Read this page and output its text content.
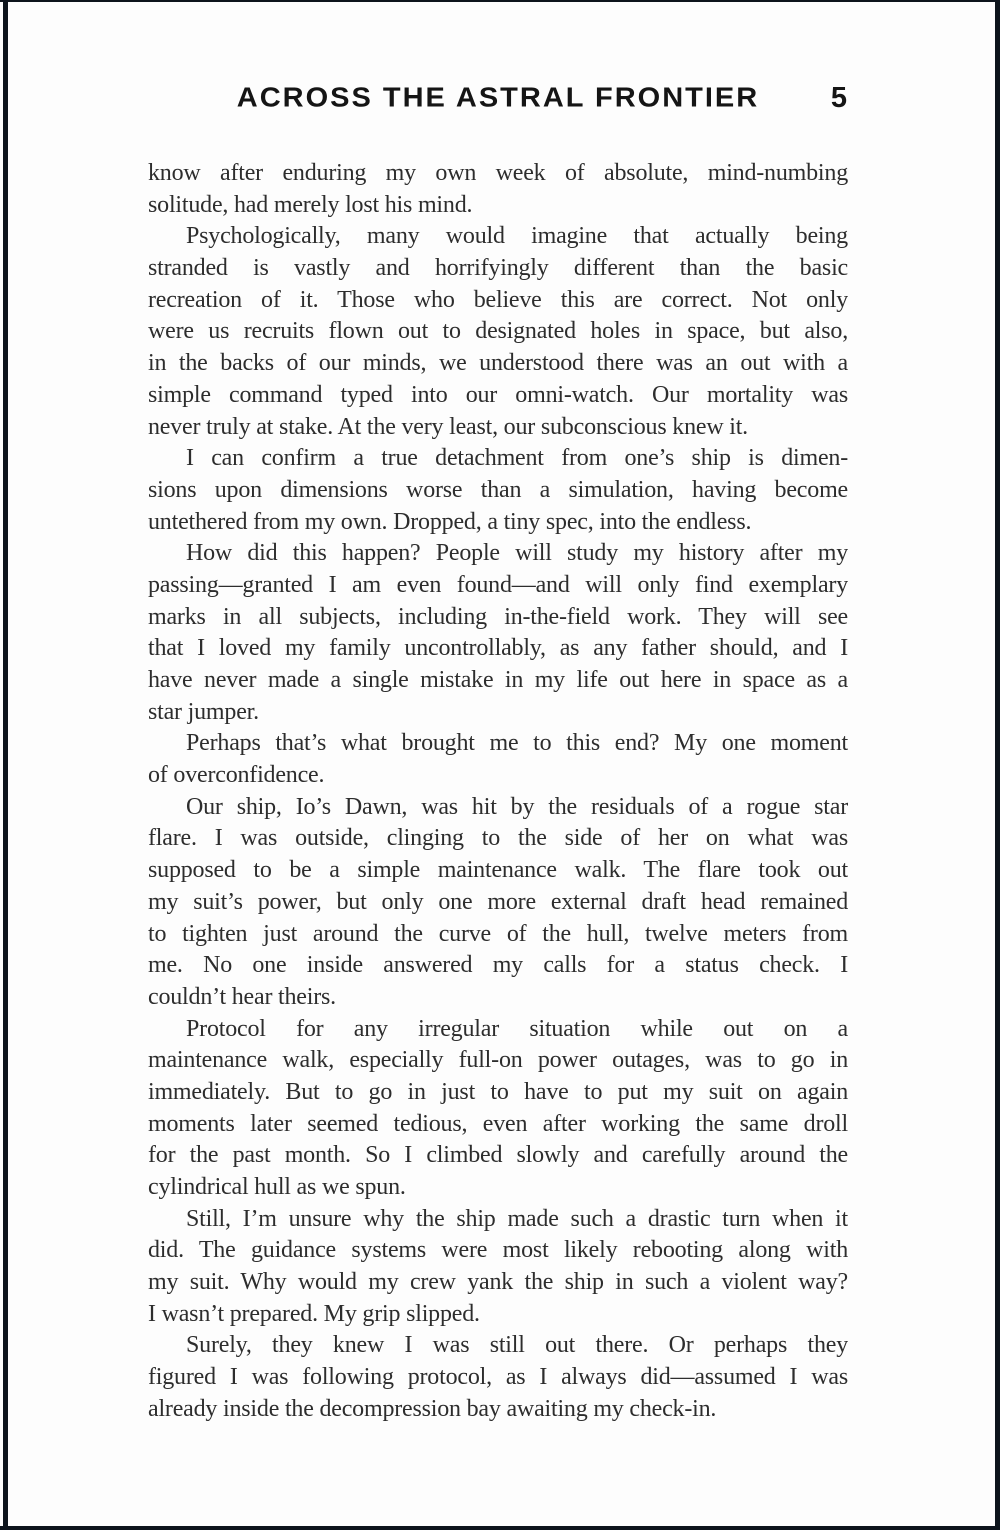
ACROSS THE ASTRAL FRONTIER	5
know after enduring my own week of absolute, mind-numbing
solitude, had merely lost his mind.
Psychologically, many would imagine that actually being
stranded is vastly and horrifyingly different than the basic
recreation of it. Those who believe this are correct. Not only
were us recruits flown out to designated holes in space, but also,
in the backs of our minds, we understood there was an out with a
simple command typed into our omni-watch. Our mortality was
never truly at stake. At the very least, our subconscious knew it.
I can confirm a true detachment from one’s ship is dimen-
sions upon dimensions worse than a simulation, having become
untethered from my own. Dropped, a tiny spec, into the endless.
How did this happen? People will study my history after my
passing—granted I am even found—and will only find exemplary
marks in all subjects, including in-the-field work. They will see
that I loved my family uncontrollably, as any father should, and I
have never made a single mistake in my life out here in space as a
star jumper.
Perhaps that’s what brought me to this end? My one moment
of overconfidence.
Our ship, Io’s Dawn, was hit by the residuals of a rogue star
flare. I was outside, clinging to the side of her on what was
supposed to be a simple maintenance walk. The flare took out
my suit’s power, but only one more external draft head remained
to tighten just around the curve of the hull, twelve meters from
me. No one inside answered my calls for a status check. I
couldn’t hear theirs.
Protocol for any irregular situation while out on a
maintenance walk, especially full-on power outages, was to go in
immediately. But to go in just to have to put my suit on again
moments later seemed tedious, even after working the same droll
for the past month. So I climbed slowly and carefully around the
cylindrical hull as we spun.
Still, I’m unsure why the ship made such a drastic turn when it
did. The guidance systems were most likely rebooting along with
my suit. Why would my crew yank the ship in such a violent way?
I wasn’t prepared. My grip slipped.
Surely, they knew I was still out there. Or perhaps they
figured I was following protocol, as I always did—assumed I was
already inside the decompression bay awaiting my check-in.
